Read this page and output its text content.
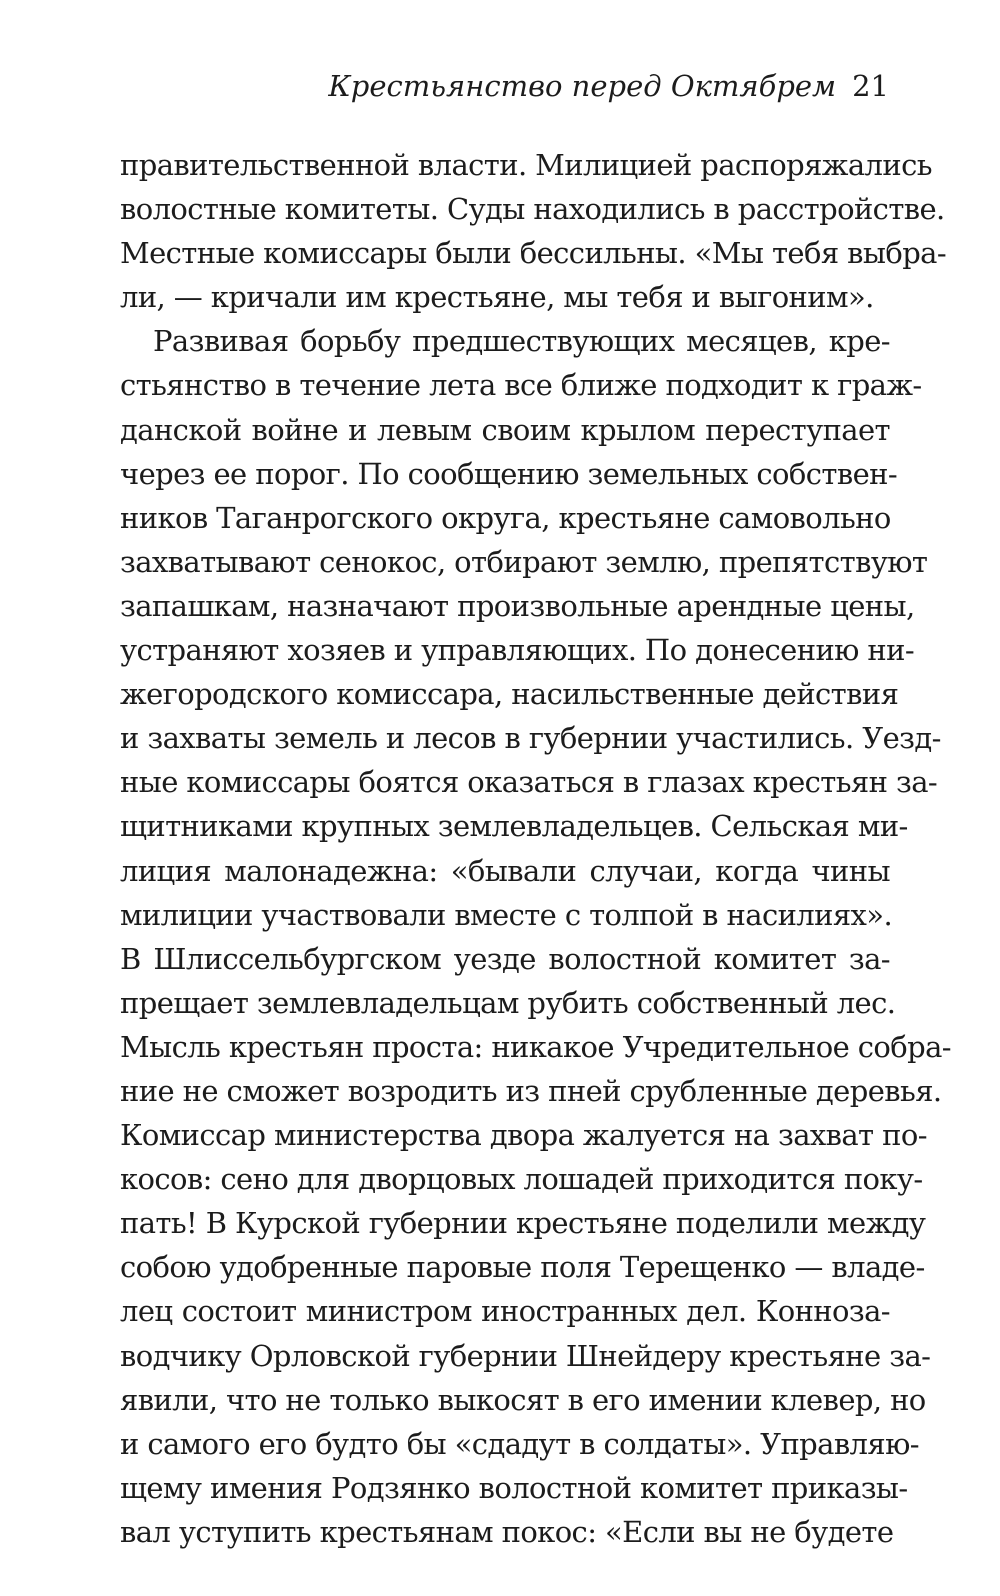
Крестьянство перед Октябрем 21
правительственной власти. Милицией распоряжались
волостные комитеты. Суды находились в расстройстве.
Местные комиссары были бессильны. «Мы тебя выбра-
ли, — кричали им крестьяне, мы тебя и выгоним».
Развивая борьбу предшествующих месяцев, кре-
стьянство в течение лета все ближе подходит к граж-
данской войне и левым своим крылом переступает
через ее порог. По сообщению земельных собствен-
ников Таганрогского округа, крестьяне самовольно
захватывают сенокос, отбирают землю, препятствуют
запашкам, назначают произвольные арендные цены,
устраняют хозяев и управляющих. По донесению ни-
жегородского комиссара, насильственные действия
и захваты земель и лесов в губернии участились. Уезд-
ные комиссары боятся оказаться в глазах крестьян за-
щитниками крупных землевладельцев. Сельская ми-
лиция малонадежна: «бывали случаи, когда чины
милиции участвовали вместе с толпой в насилиях».
В Шлиссельбургском уезде волостной комитет за-
прещает землевладельцам рубить собственный лес.
Мысль крестьян проста: никакое Учредительное собра-
ние не сможет возродить из пней срубленные деревья.
Комиссар министерства двора жалуется на захват по-
косов: сено для дворцовых лошадей приходится поку-
пать! В Курской губернии крестьяне поделили между
собою удобренные паровые поля Терещенко — владе-
лец состоит министром иностранных дел. Коннoза-
водчику Орловской губернии Шнейдеру крестьяне за-
явили, что не только выкосят в его имении клевер, но
и самого его будто бы «сдадут в солдаты». Управляю-
щему имения Родзянко волостной комитет приказы-
вал уступить крестьянам покос: «Если вы не будете
